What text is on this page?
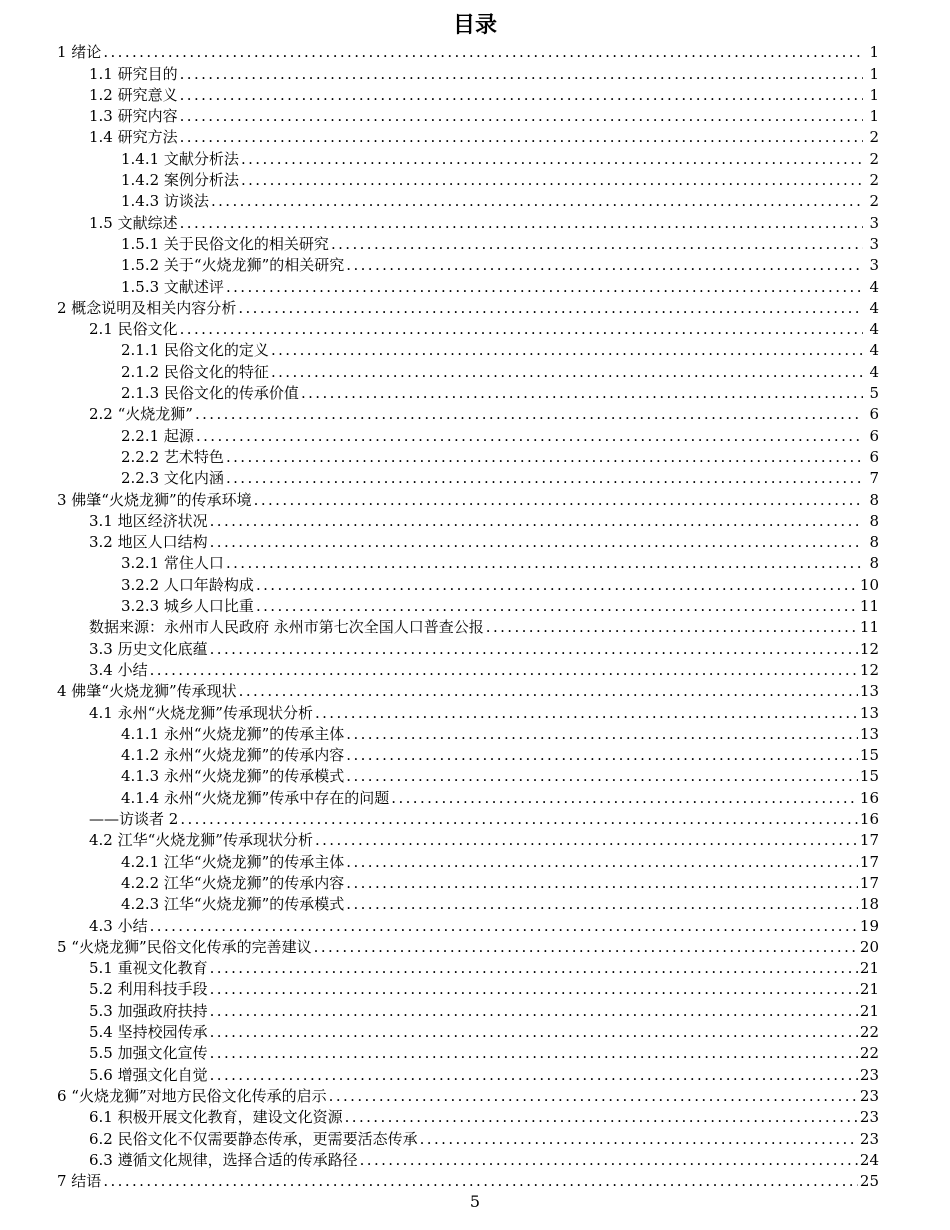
目录
1 绪论 .....	1
1.1 研究目的 .....	1
1.2 研究意义 .....	1
1.3 研究内容 .....	1
1.4 研究方法 .....	2
1.4.1 文献分析法 .....	2
1.4.2 案例分析法 .....	2
1.4.3 访谈法 .....	2
1.5 文献综述 .....	3
1.5.1 关于民俗文化的相关研究 .....	3
1.5.2 关于“火烧龙狮”的相关研究 .....	3
1.5.3 文献述评 .....	4
2 概念说明及相关内容分析 .....	4
2.1 民俗文化 .....	4
2.1.1 民俗文化的定义 .....	4
2.1.2 民俗文化的特征 .....	4
2.1.3 民俗文化的传承价值 .....	5
2.2 “火烧龙狮” .....	6
2.2.1 起源 .....	6
2.2.2 艺术特色 .....	6
2.2.3 文化内涵 .....	7
3 佛肇“火烧龙狮”的传承环境 .....	8
3.1 地区经济状况 .....	8
3.2 地区人口结构 .....	8
3.2.1 常住人口 .....	8
3.2.2 人口年龄构成 .....	10
3.2.3 城乡人口比重 .....	11
数据来源：永州市人民政府 永州市第七次全国人口普查公报 .....	11
3.3 历史文化底蕴 .....	12
3.4 小结 .....	12
4 佛肇“火烧龙狮”传承现状 .....	13
4.1 永州“火烧龙狮”传承现状分析 .....	13
4.1.1 永州“火烧龙狮”的传承主体 .....	13
4.1.2 永州“火烧龙狮”的传承内容 .....	15
4.1.3 永州“火烧龙狮”的传承模式 .....	15
4.1.4 永州“火烧龙狮”传承中存在的问题 .....	16
——访谈者 2 .....	16
4.2 江华“火烧龙狮”传承现状分析 .....	17
4.2.1 江华“火烧龙狮”的传承主体 .....	17
4.2.2 江华“火烧龙狮”的传承内容 .....	17
4.2.3 江华“火烧龙狮”的传承模式 .....	18
4.3 小结 .....	19
5 “火烧龙狮”民俗文化传承的完善建议 .....	20
5.1 重视文化教育 .....	21
5.2 利用科技手段 .....	21
5.3 加强政府扶持 .....	21
5.4 坚持校园传承 .....	22
5.5 加强文化宣传 .....	22
5.6 增强文化自觉 .....	23
6 “火烧龙狮”对地方民俗文化传承的启示 .....	23
6.1 积极开展文化教育，建设文化资源 .....	23
6.2 民俗文化不仅需要静态传承，更需要活态传承 .....	23
6.3 遵循文化规律，选择合适的传承路径 .....	24
7 结语 .....	25
5
